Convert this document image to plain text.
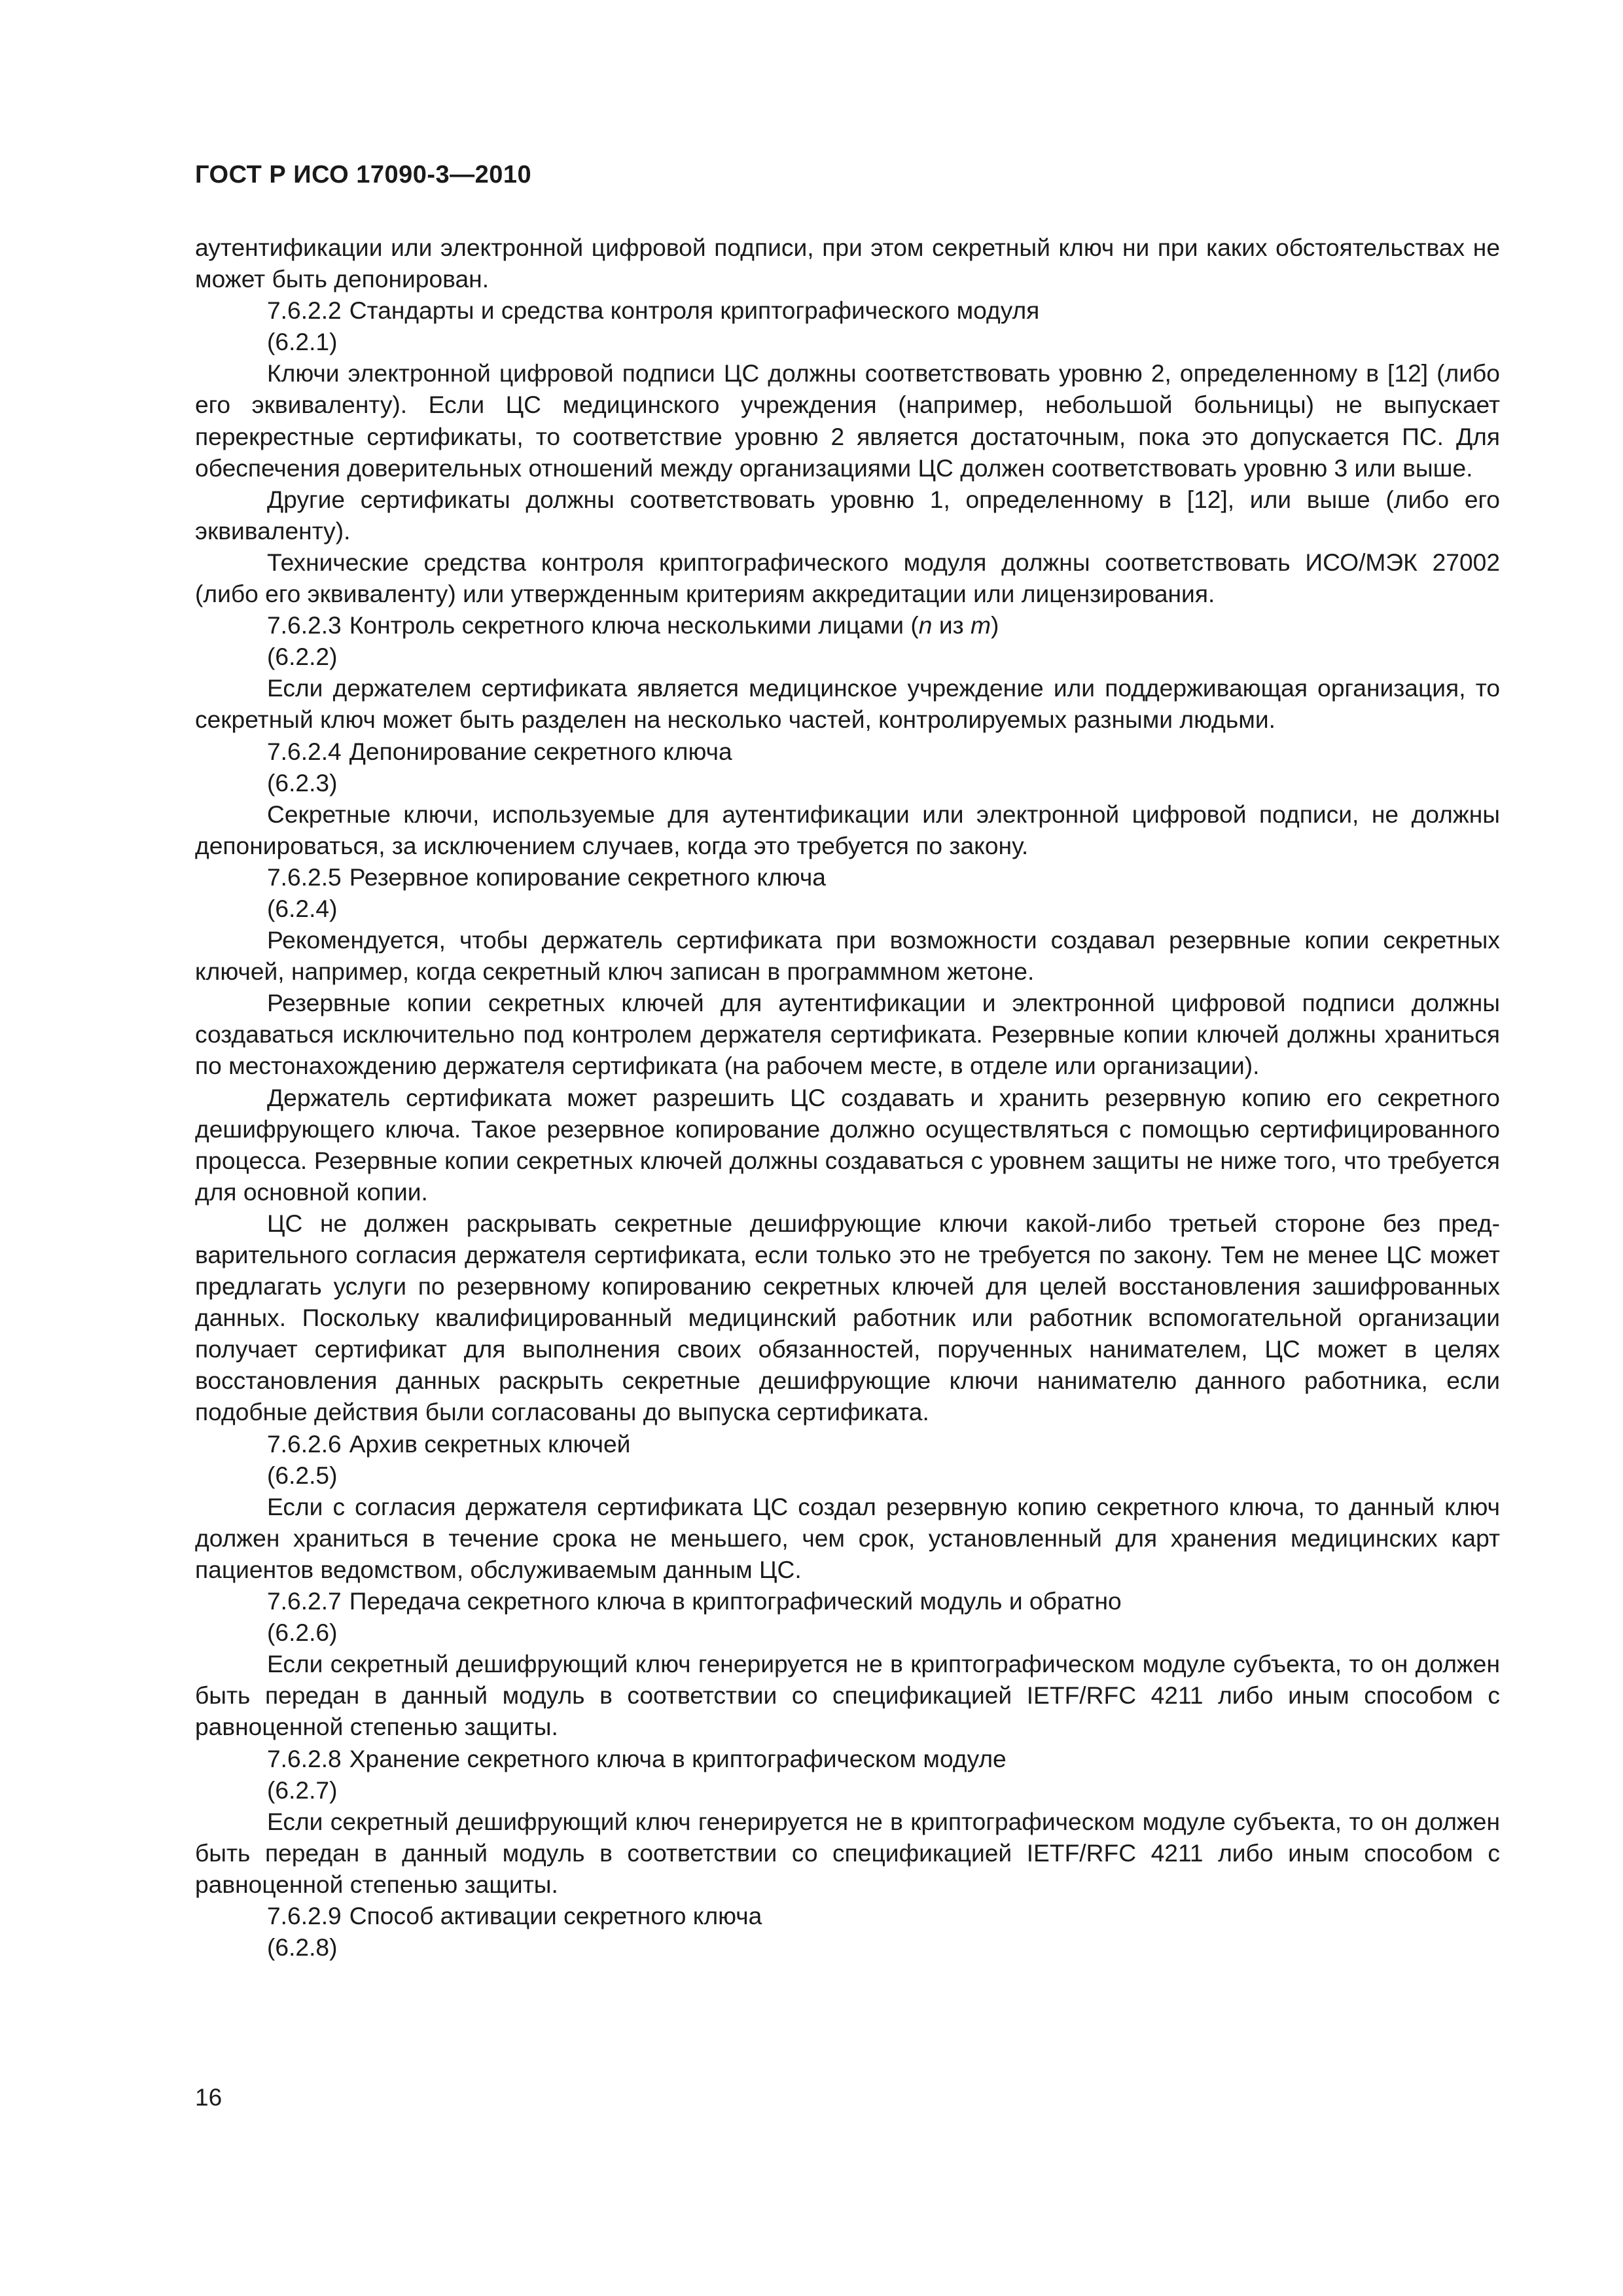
ГОСТ Р ИСО 17090-3—2010

аутентификации или электронной цифровой подписи, при этом секретный ключ ни при каких обстоятельствах не может быть депонирован.

7.6.2.2 Стандарты и средства контроля криптографического модуля
(6.2.1)

Ключи электронной цифровой подписи ЦС должны соответствовать уровню 2, определенному в [12] (либо его эквиваленту). Если ЦС медицинского учреждения (например, небольшой больницы) не выпускает перекрестные сертификаты, то соответствие уровню 2 является достаточным, пока это допускается ПС. Для обеспечения доверительных отношений между организациями ЦС должен соответствовать уровню 3 или выше.

Другие сертификаты должны соответствовать уровню 1, определенному в [12], или выше (либо его эквиваленту).

Технические средства контроля криптографического модуля должны соответствовать ИСО/МЭК 27002 (либо его эквиваленту) или утвержденным критериям аккредитации или лицензирования.

7.6.2.3 Контроль секретного ключа несколькими лицами (n из m)
(6.2.2)

Если держателем сертификата является медицинское учреждение или поддерживающая организация, то секретный ключ может быть разделен на несколько частей, контролируемых разными людьми.

7.6.2.4 Депонирование секретного ключа
(6.2.3)

Секретные ключи, используемые для аутентификации или электронной цифровой подписи, не должны депонироваться, за исключением случаев, когда это требуется по закону.

7.6.2.5 Резервное копирование секретного ключа
(6.2.4)

Рекомендуется, чтобы держатель сертификата при возможности создавал резервные копии секретных ключей, например, когда секретный ключ записан в программном жетоне.

Резервные копии секретных ключей для аутентификации и электронной цифровой подписи должны создаваться исключительно под контролем держателя сертификата. Резервные копии ключей должны храниться по местонахождению держателя сертификата (на рабочем месте, в отделе или организации).

Держатель сертификата может разрешить ЦС создавать и хранить резервную копию его секретного дешифрующего ключа. Такое резервное копирование должно осуществляться с помощью сертифицированного процесса. Резервные копии секретных ключей должны создаваться с уровнем защиты не ниже того, что требуется для основной копии.

ЦС не должен раскрывать секретные дешифрующие ключи какой-либо третьей стороне без предварительного согласия держателя сертификата, если только это не требуется по закону. Тем не менее ЦС может предлагать услуги по резервному копированию секретных ключей для целей восстановления зашифрованных данных. Поскольку квалифицированный медицинский работник или работник вспомогательной организации получает сертификат для выполнения своих обязанностей, порученных нанимателем, ЦС может в целях восстановления данных раскрыть секретные дешифрующие ключи нанимателю данного работника, если подобные действия были согласованы до выпуска сертификата.

7.6.2.6 Архив секретных ключей
(6.2.5)

Если с согласия держателя сертификата ЦС создал резервную копию секретного ключа, то данный ключ должен храниться в течение срока не меньшего, чем срок, установленный для хранения медицинских карт пациентов ведомством, обслуживаемым данным ЦС.

7.6.2.7 Передача секретного ключа в криптографический модуль и обратно
(6.2.6)

Если секретный дешифрующий ключ генерируется не в криптографическом модуле субъекта, то он должен быть передан в данный модуль в соответствии со спецификацией IETF/RFC 4211 либо иным способом с равноценной степенью защиты.

7.6.2.8 Хранение секретного ключа в криптографическом модуле
(6.2.7)

Если секретный дешифрующий ключ генерируется не в криптографическом модуле субъекта, то он должен быть передан в данный модуль в соответствии со спецификацией IETF/RFC 4211 либо иным способом с равноценной степенью защиты.

7.6.2.9 Способ активации секретного ключа
(6.2.8)
16
